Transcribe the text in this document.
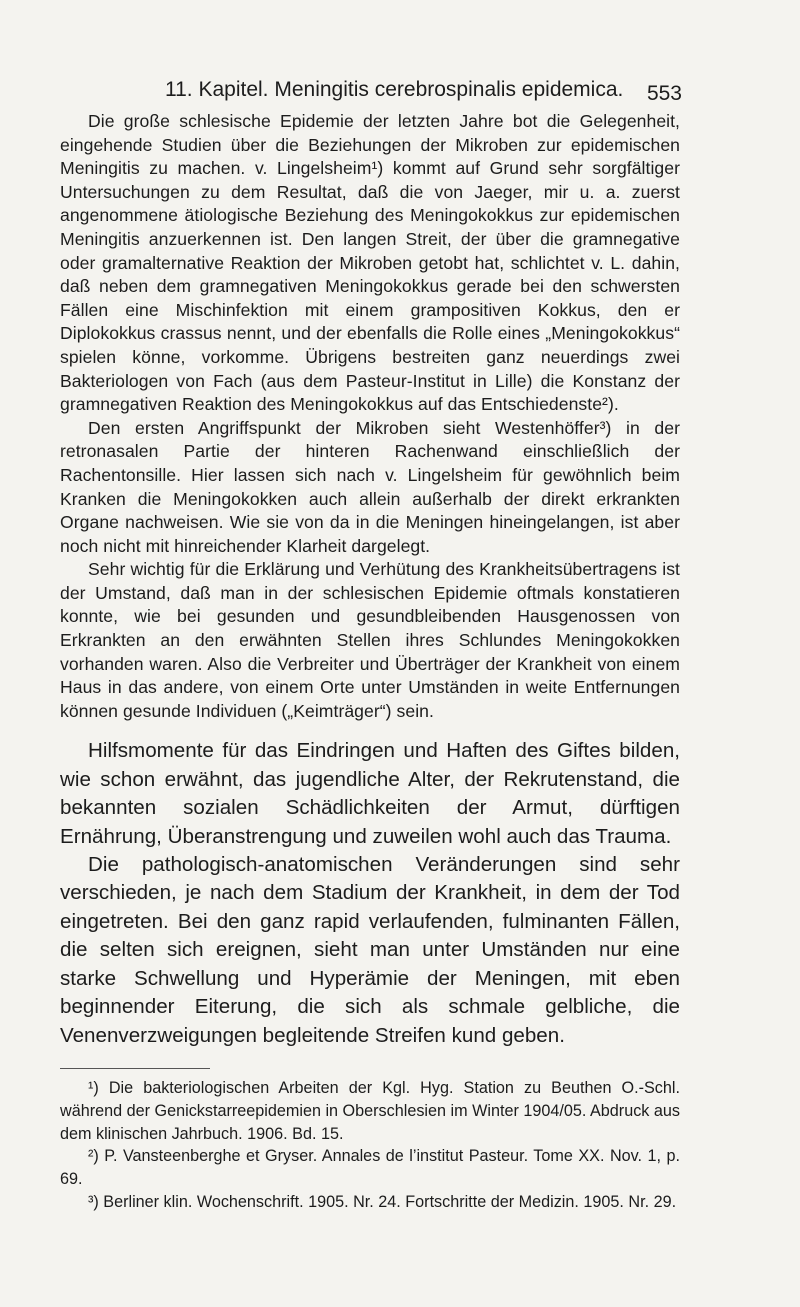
11. Kapitel. Meningitis cerebrospinalis epidemica. 553

Die große schlesische Epidemie der letzten Jahre bot die Gelegenheit, eingehende Studien über die Beziehungen der Mikroben zur epidemischen Meningitis zu machen. v. Lingelsheim¹) kommt auf Grund sehr sorgfältiger Untersuchungen zu dem Resultat, daß die von Jaeger, mir u. a. zuerst angenommene ätiologische Beziehung des Meningokokkus zur epidemischen Meningitis anzuerkennen ist. Den langen Streit, der über die gramnegative oder gramalternative Reaktion der Mikroben getobt hat, schlichtet v. L. dahin, daß neben dem gramnegativen Meningokokkus gerade bei den schwersten Fällen eine Mischinfektion mit einem grampositiven Kokkus, den er Diplokokkus crassus nennt, und der ebenfalls die Rolle eines „Meningokokkus“ spielen könne, vorkomme. Übrigens bestreiten ganz neuerdings zwei Bakteriologen von Fach (aus dem Pasteur-Institut in Lille) die Konstanz der gramnegativen Reaktion des Meningokokkus auf das Entschiedenste²).

Den ersten Angriffspunkt der Mikroben sieht Westenhöffer³) in der retronasalen Partie der hinteren Rachenwand einschließlich der Rachentonsille. Hier lassen sich nach v. Lingelsheim für gewöhnlich beim Kranken die Meningokokken auch allein außerhalb der direkt erkrankten Organe nachweisen. Wie sie von da in die Meningen hineingelangen, ist aber noch nicht mit hinreichender Klarheit dargelegt.

Sehr wichtig für die Erklärung und Verhütung des Krankheitsübertragens ist der Umstand, daß man in der schlesischen Epidemie oftmals konstatieren konnte, wie bei gesunden und gesundbleibenden Hausgenossen von Erkrankten an den erwähnten Stellen ihres Schlundes Meningokokken vorhanden waren. Also die Verbreiter und Überträger der Krankheit von einem Haus in das andere, von einem Orte unter Umständen in weite Entfernungen können gesunde Individuen („Keimträger“) sein.

Hilfsmomente für das Eindringen und Haften des Giftes bilden, wie schon erwähnt, das jugendliche Alter, der Rekrutenstand, die bekannten sozialen Schädlichkeiten der Armut, dürftigen Ernährung, Überanstrengung und zuweilen wohl auch das Trauma.

Die pathologisch-anatomischen Veränderungen sind sehr verschieden, je nach dem Stadium der Krankheit, in dem der Tod eingetreten. Bei den ganz rapid verlaufenden, fulminanten Fällen, die selten sich ereignen, sieht man unter Umständen nur eine starke Schwellung und Hyperämie der Meningen, mit eben beginnender Eiterung, die sich als schmale gelbliche, die Venenverzweigungen begleitende Streifen kund geben.

¹) Die bakteriologischen Arbeiten der Kgl. Hyg. Station zu Beuthen O.-Schl. während der Genickstarreepidemien in Oberschlesien im Winter 1904/05. Abdruck aus dem klinischen Jahrbuch. 1906. Bd. 15.

²) P. Vansteenberghe et Gryser. Annales de l’institut Pasteur. Tome XX. Nov. 1, p. 69.

³) Berliner klin. Wochenschrift. 1905. Nr. 24. Fortschritte der Medizin. 1905. Nr. 29.
